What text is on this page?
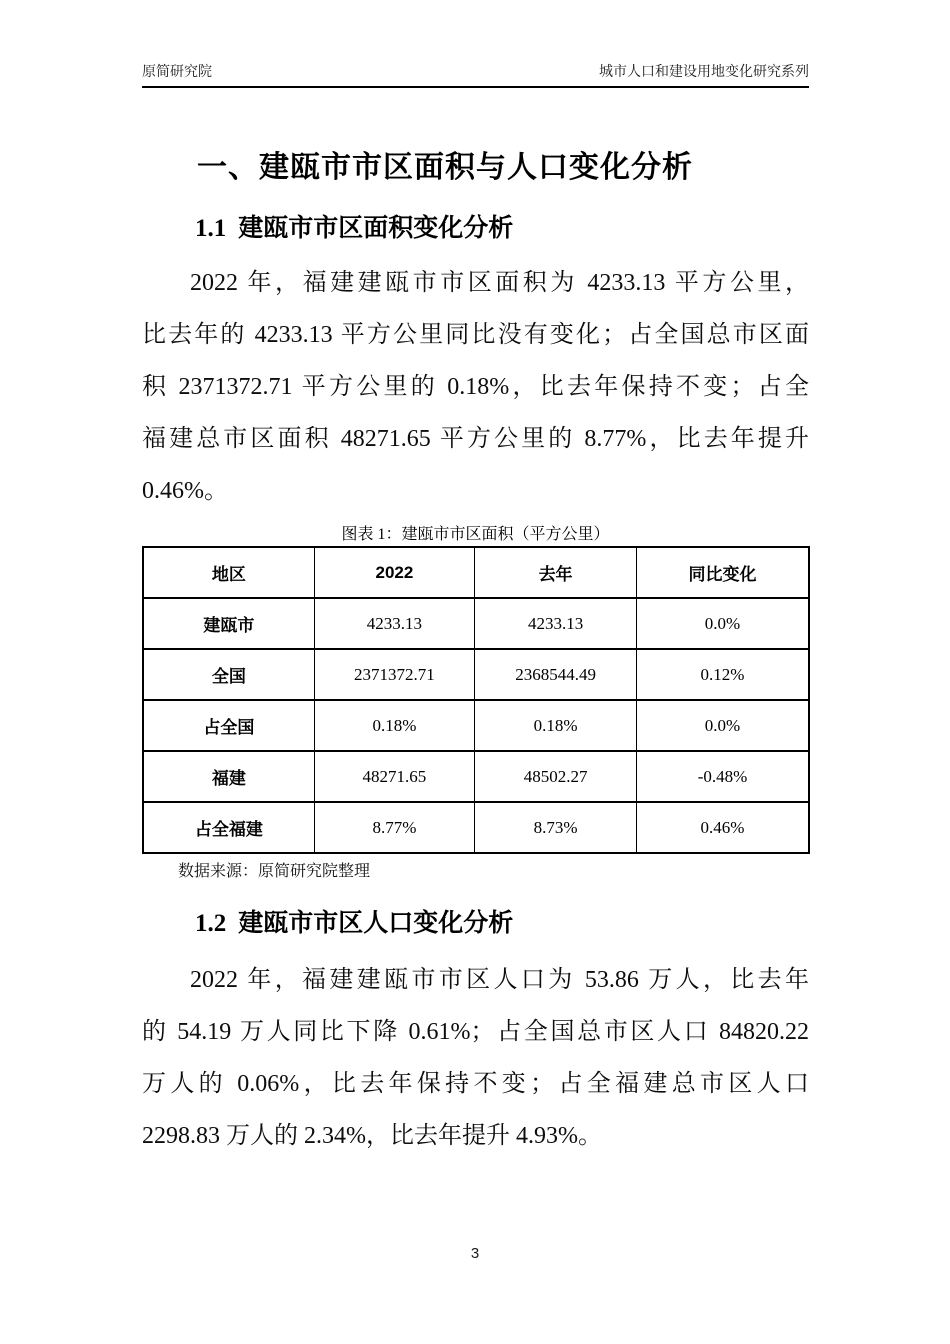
原简研究院	城市人口和建设用地变化研究系列
一、建瓯市市区面积与人口变化分析
1.1 建瓯市市区面积变化分析
2022 年，福建建瓯市市区面积为 4233.13 平方公里，
比去年的 4233.13 平方公里同比没有变化；占全国总市区面
积 2371372.71 平方公里的 0.18%，比去年保持不变；占全
福建总市区面积 48271.65 平方公里的 8.77%，比去年提升
0.46%。
图表 1：建瓯市市区面积（平方公里）
地区	2022	去年	同比变化
建瓯市	4233.13	4233.13	0.0%
全国	2371372.71	2368544.49	0.12%
占全国	0.18%	0.18%	0.0%
福建	48271.65	48502.27	-0.48%
占全福建	8.77%	8.73%	0.46%
数据来源：原简研究院整理
1.2 建瓯市市区人口变化分析
2022 年，福建建瓯市市区人口为 53.86 万人，比去年
的 54.19 万人同比下降 0.61%；占全国总市区人口 84820.22
万人的 0.06%，比去年保持不变；占全福建总市区人口
2298.83 万人的 2.34%，比去年提升 4.93%。
3
